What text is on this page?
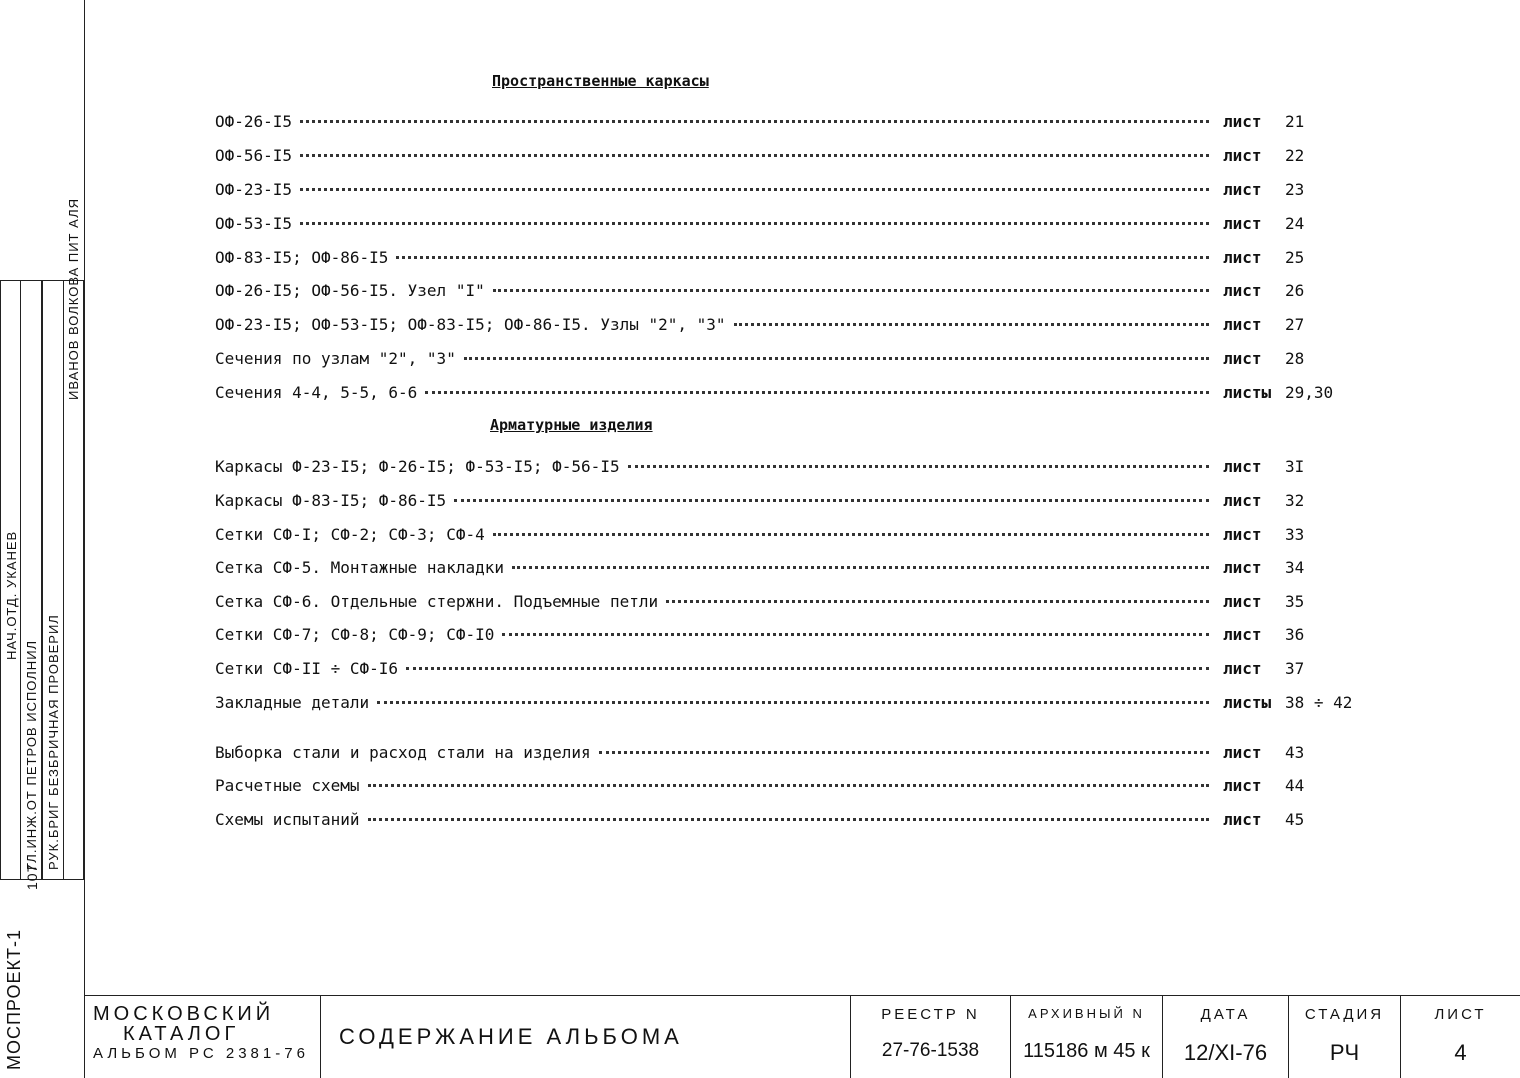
НАЧ.ОТД. УКАНЕВ
ГЛ.ИНЖ.ОТ ПЕТРОВ ИСПОЛНИЛ
РУК.БРИГ БЕЗБРИЧНАЯ ПРОВЕРИЛ
ИВАНОВ ВОЛКОВА ПИТ АЛЯ
МОСПРОЕКТ-1
107
Пространственные каркасы
Арматурные изделия
ОФ-26-I5	лист	21
ОФ-56-I5	лист	22
ОФ-23-I5	лист	23
ОФ-53-I5	лист	24
ОФ-83-I5; ОФ-86-I5	лист	25
ОФ-26-I5; ОФ-56-I5. Узел "I"	лист	26
ОФ-23-I5; ОФ-53-I5; ОФ-83-I5; ОФ-86-I5. Узлы "2", "3"	лист	27
Сечения по узлам "2", "3"	лист	28
Сечения 4-4, 5-5, 6-6	листы 29,30
Каркасы Ф-23-I5; Ф-26-I5; Ф-53-I5; Ф-56-I5	лист	3I
Каркасы Ф-83-I5; Ф-86-I5	лист	32
Сетки СФ-I; СФ-2; СФ-3; СФ-4	лист	33
Сетка СФ-5. Монтажные накладки	лист	34
Сетка СФ-6. Отдельные стержни. Подъемные петли	лист	35
Сетки СФ-7; СФ-8; СФ-9; СФ-I0	лист	36
Сетки СФ-II ÷ СФ-I6	лист	37
Закладные детали	листы 38 ÷ 42
Выборка стали и расход стали на изделия	лист	43
Расчетные схемы	лист	44
Схемы испытаний	лист	45
МОСКОВСКИЙ
КАТАЛОГ
АЛЬБОМ РС 2381-76
СОДЕРЖАНИЕ АЛЬБОМА
РЕЕСТР N
27-76-1538
АРХИВНЫЙ N
115186 м 45 к
ДАТА
12/XI-76
СТАДИЯ
РЧ
ЛИСТ
4
